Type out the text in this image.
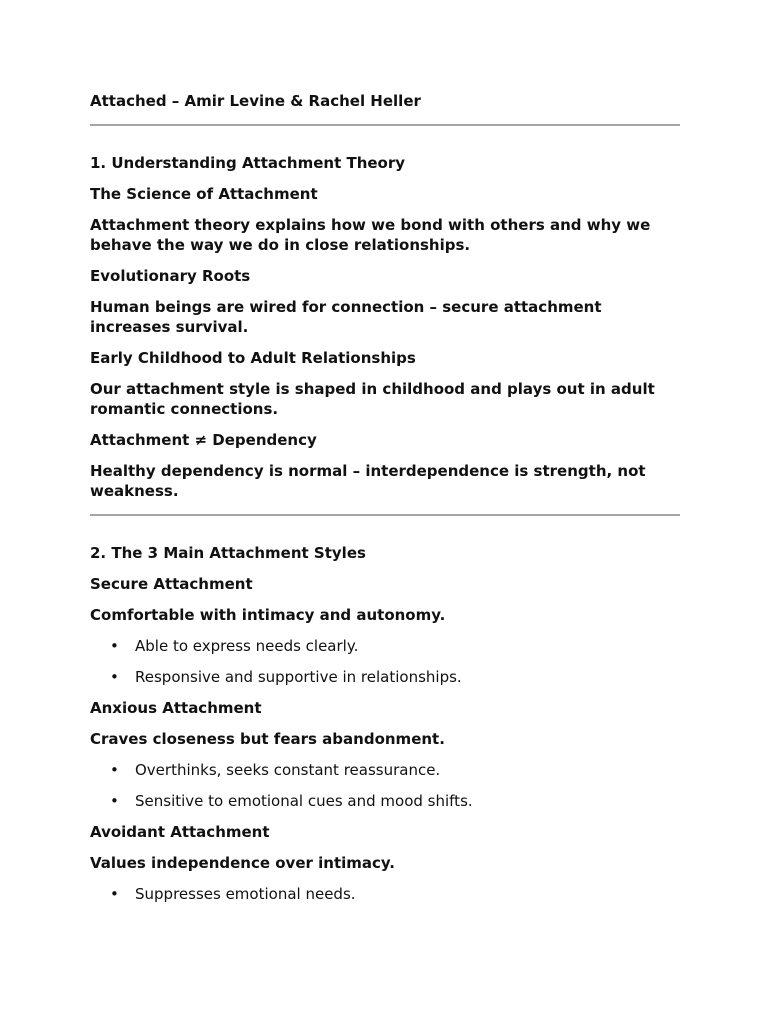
Attached – Amir Levine & Rachel Heller

1. Understanding Attachment Theory

The Science of Attachment

Attachment theory explains how we bond with others and why we behave the way we do in close relationships.

Evolutionary Roots

Human beings are wired for connection – secure attachment increases survival.

Early Childhood to Adult Relationships

Our attachment style is shaped in childhood and plays out in adult romantic connections.

Attachment ≠ Dependency

Healthy dependency is normal – interdependence is strength, not weakness.

2. The 3 Main Attachment Styles

Secure Attachment

Comfortable with intimacy and autonomy.

• Able to express needs clearly.
• Responsive and supportive in relationships.

Anxious Attachment

Craves closeness but fears abandonment.

• Overthinks, seeks constant reassurance.
• Sensitive to emotional cues and mood shifts.

Avoidant Attachment

Values independence over intimacy.

• Suppresses emotional needs.
